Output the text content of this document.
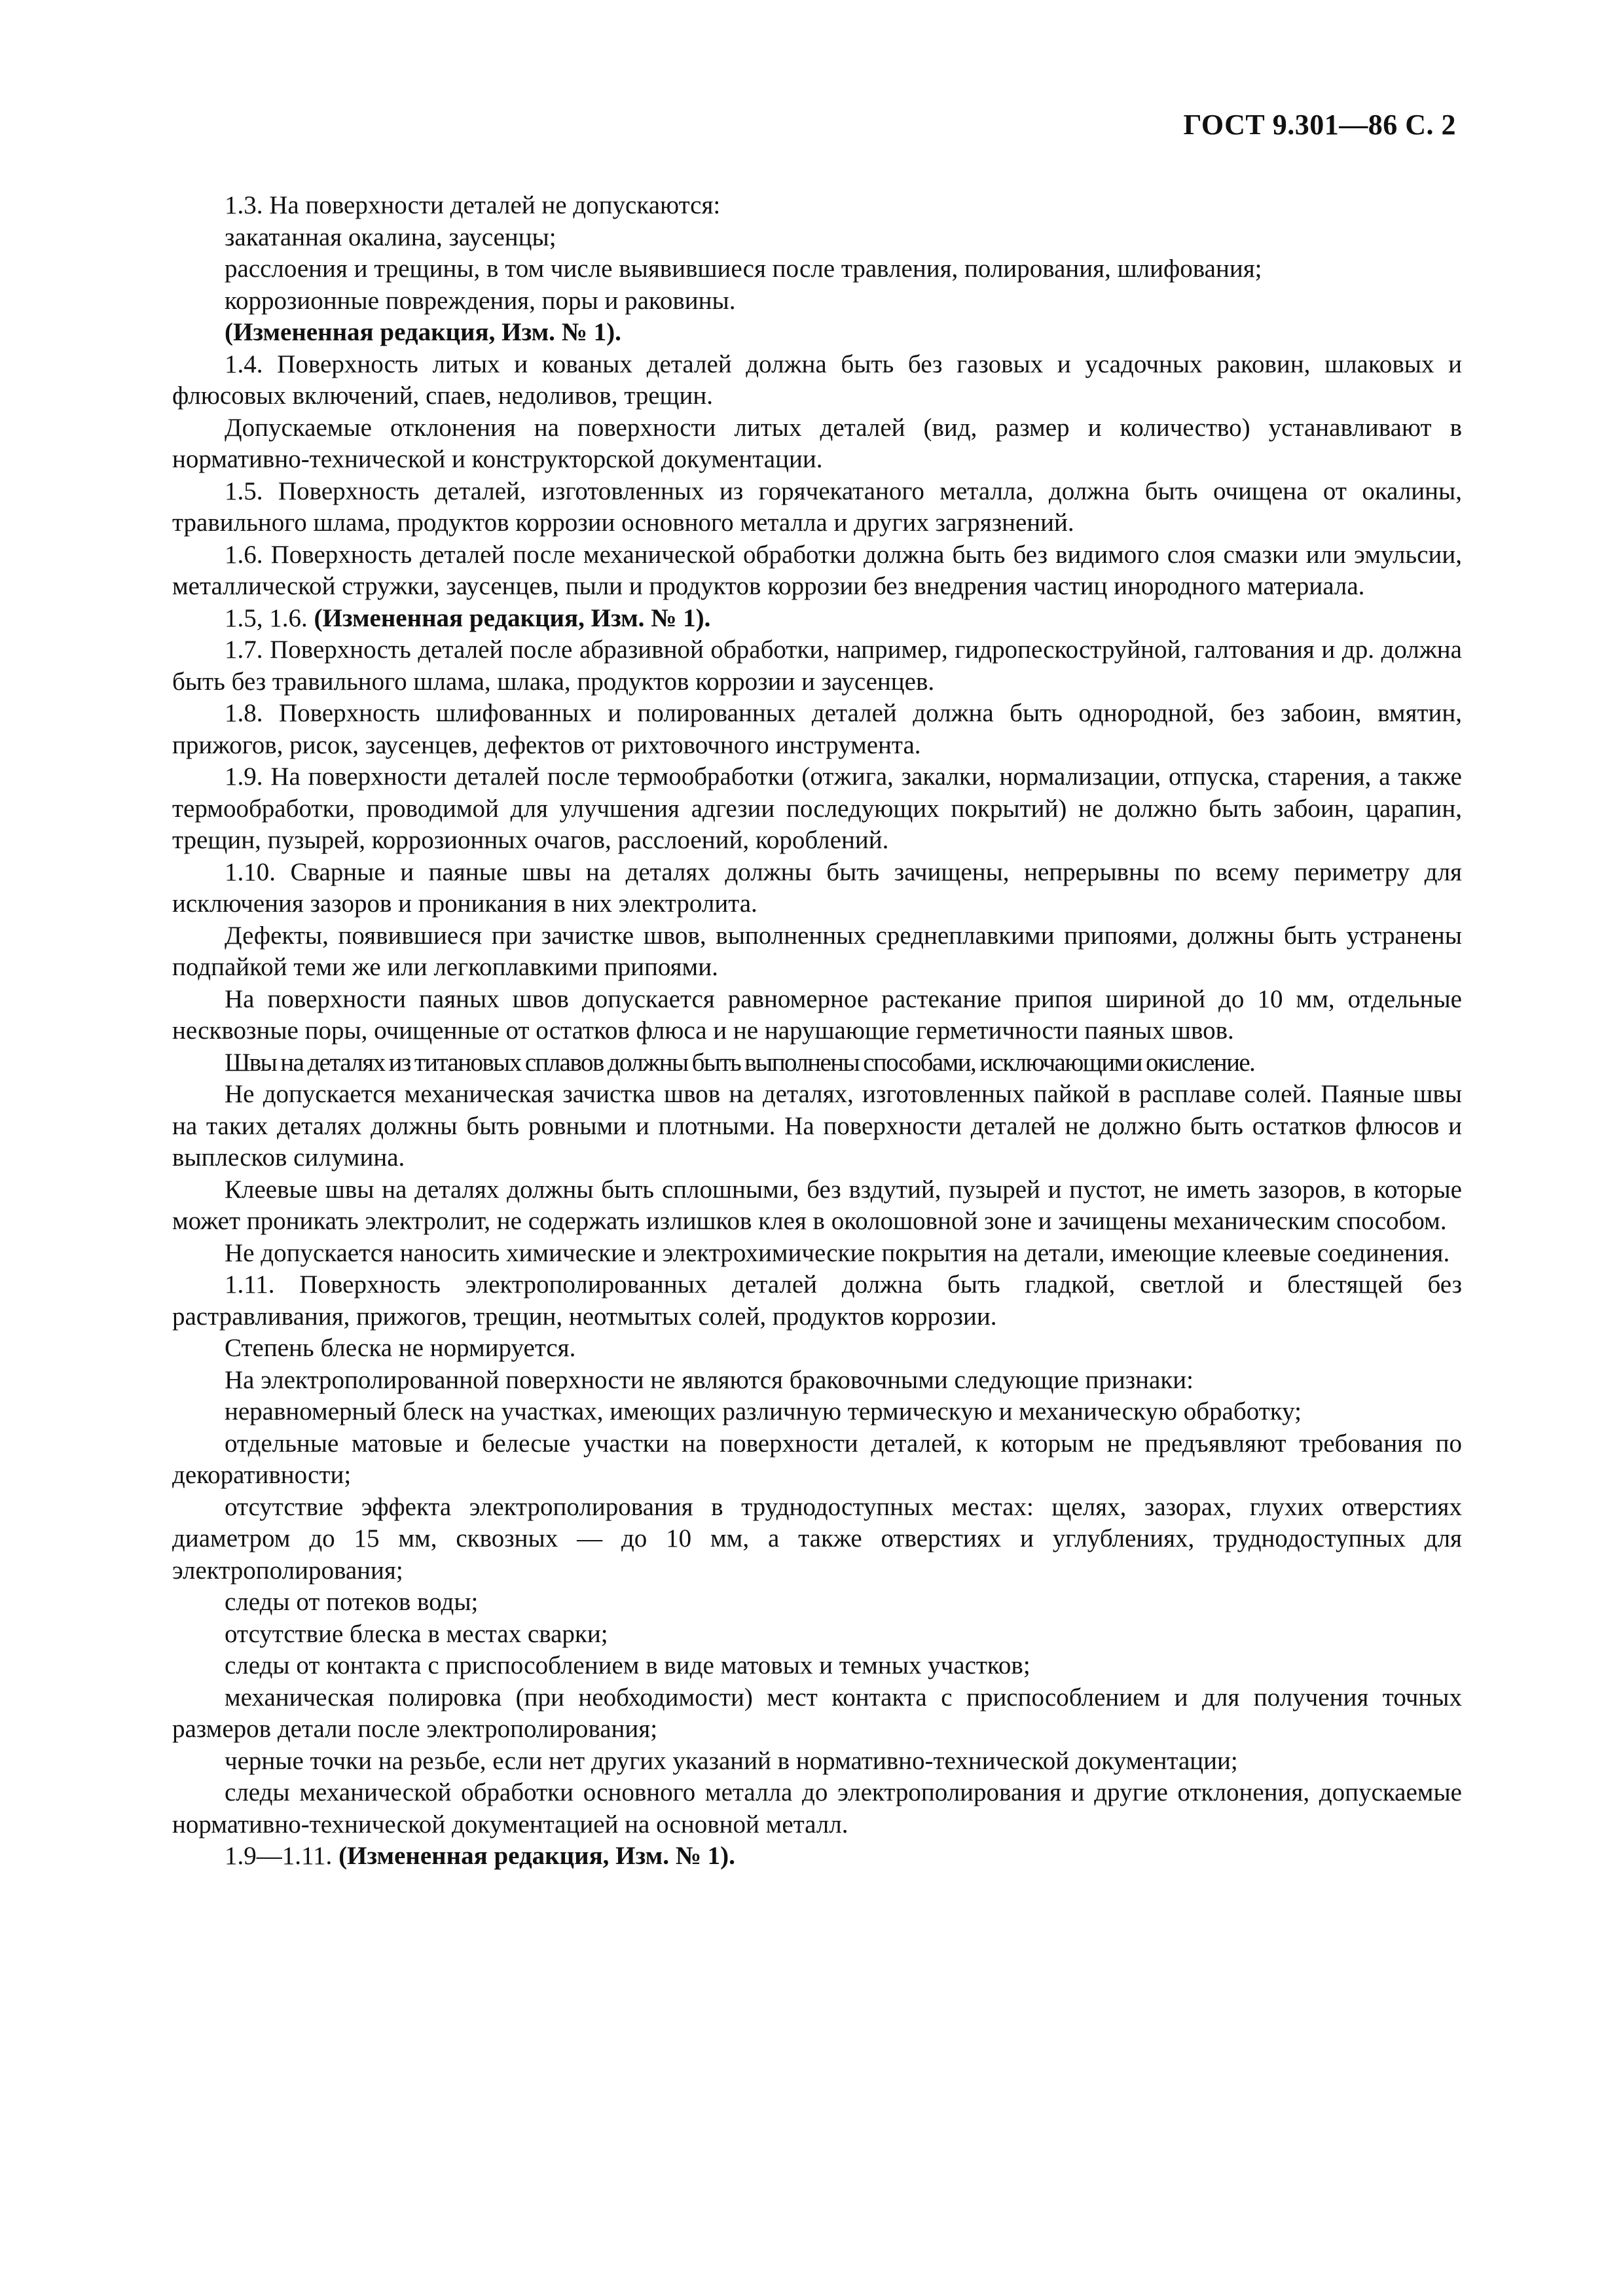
ГОСТ 9.301—86 С. 2

1.3. На поверхности деталей не допускаются:

закатанная окалина, заусенцы;

расслоения и трещины, в том числе выявившиеся после травления, полирования, шлифования;

коррозионные повреждения, поры и раковины.

(Измененная редакция, Изм. № 1).

1.4. Поверхность литых и кованых деталей должна быть без газовых и усадочных раковин, шлаковых и флюсовых включений, спаев, недоливов, трещин.

Допускаемые отклонения на поверхности литых деталей (вид, размер и количество) устанавливают в нормативно-технической и конструкторской документации.

1.5. Поверхность деталей, изготовленных из горячекатаного металла, должна быть очищена от окалины, травильного шлама, продуктов коррозии основного металла и других загрязнений.

1.6. Поверхность деталей после механической обработки должна быть без видимого слоя смазки или эмульсии, металлической стружки, заусенцев, пыли и продуктов коррозии без внедрения частиц инородного материала.

1.5, 1.6. (Измененная редакция, Изм. № 1).

1.7. Поверхность деталей после абразивной обработки, например, гидропескоструйной, галтования и др. должна быть без травильного шлама, шлака, продуктов коррозии и заусенцев.

1.8. Поверхность шлифованных и полированных деталей должна быть однородной, без забоин, вмятин, прижогов, рисок, заусенцев, дефектов от рихтовочного инструмента.

1.9. На поверхности деталей после термообработки (отжига, закалки, нормализации, отпуска, старения, а также термообработки, проводимой для улучшения адгезии последующих покрытий) не должно быть забоин, царапин, трещин, пузырей, коррозионных очагов, расслоений, короблений.

1.10. Сварные и паяные швы на деталях должны быть зачищены, непрерывны по всему периметру для исключения зазоров и проникания в них электролита.

Дефекты, появившиеся при зачистке швов, выполненных среднеплавкими припоями, должны быть устранены подпайкой теми же или легкоплавкими припоями.

На поверхности паяных швов допускается равномерное растекание припоя шириной до 10 мм, отдельные несквозные поры, очищенные от остатков флюса и не нарушающие герметичности паяных швов.

Швы на деталях из титановых сплавов должны быть выполнены способами, исключающими окисление.

Не допускается механическая зачистка швов на деталях, изготовленных пайкой в расплаве солей. Паяные швы на таких деталях должны быть ровными и плотными. На поверхности деталей не должно быть остатков флюсов и выплесков силумина.

Клеевые швы на деталях должны быть сплошными, без вздутий, пузырей и пустот, не иметь зазоров, в которые может проникать электролит, не содержать излишков клея в околошовной зоне и зачищены механическим способом.

Не допускается наносить химические и электрохимические покрытия на детали, имеющие клеевые соединения.

1.11. Поверхность электрополированных деталей должна быть гладкой, светлой и блестящей без растравливания, прижогов, трещин, неотмытых солей, продуктов коррозии.

Степень блеска не нормируется.

На электрополированной поверхности не являются браковочными следующие признаки:

неравномерный блеск на участках, имеющих различную термическую и механическую обработку;

отдельные матовые и белесые участки на поверхности деталей, к которым не предъявляют требования по декоративности;

отсутствие эффекта электрополирования в труднодоступных местах: щелях, зазорах, глухих отверстиях диаметром до 15 мм, сквозных — до 10 мм, а также отверстиях и углублениях, труднодоступных для электрополирования;

следы от потеков воды;

отсутствие блеска в местах сварки;

следы от контакта с приспособлением в виде матовых и темных участков;

механическая полировка (при необходимости) мест контакта с приспособлением и для получения точных размеров детали после электрополирования;

черные точки на резьбе, если нет других указаний в нормативно-технической документации;

следы механической обработки основного металла до электрополирования и другие отклонения, допускаемые нормативно-технической документацией на основной металл.

1.9—1.11. (Измененная редакция, Изм. № 1).
